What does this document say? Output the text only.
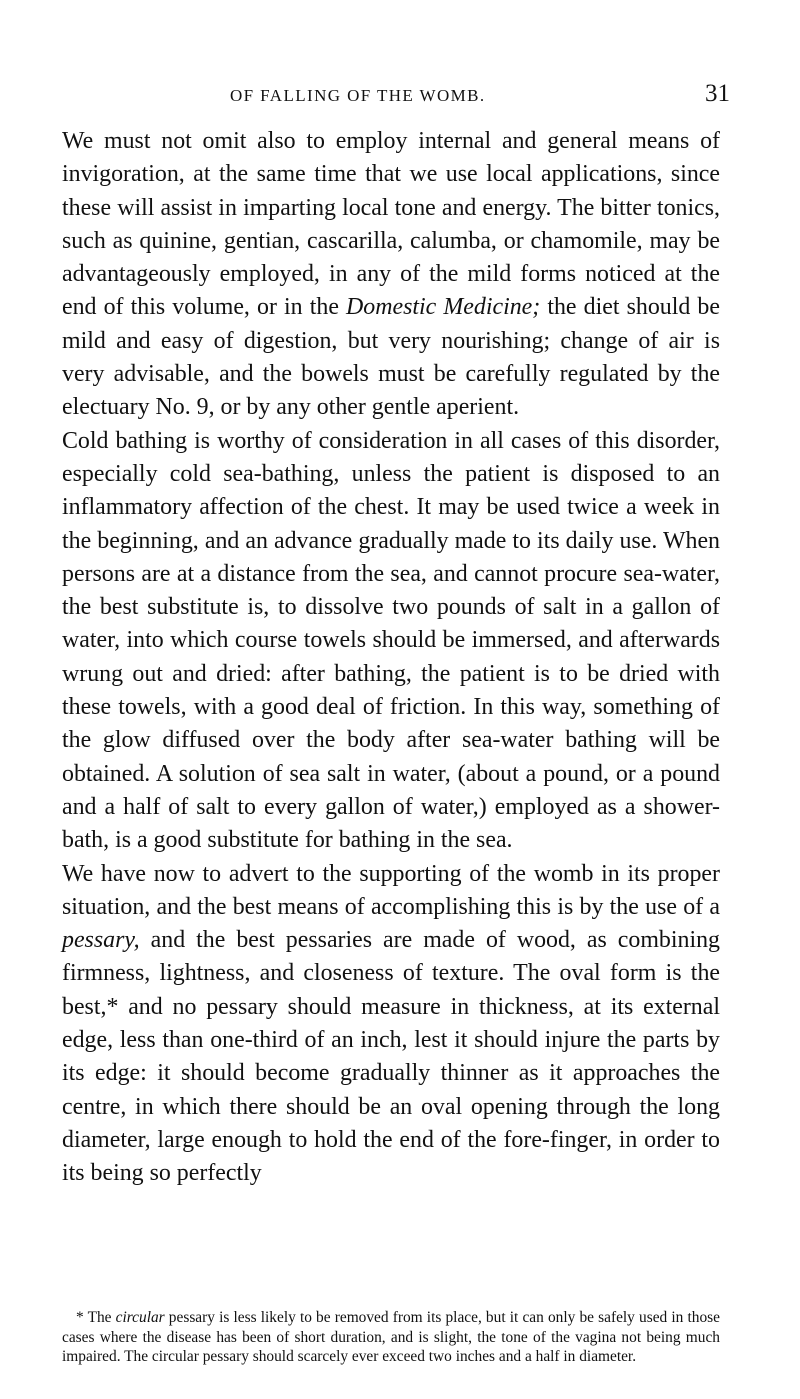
OF FALLING OF THE WOMB.	31

We must not omit also to employ internal and general means of invigoration, at the same time that we use local applications, since these will assist in imparting local tone and energy. The bitter tonics, such as quinine, gentian, cascarilla, calumba, or chamomile, may be advantageously employed, in any of the mild forms noticed at the end of this volume, or in the Domestic Medicine; the diet should be mild and easy of digestion, but very nourishing; change of air is very advisable, and the bowels must be carefully regulated by the electuary No. 9, or by any other gentle aperient.

Cold bathing is worthy of consideration in all cases of this disorder, especially cold sea-bathing, unless the patient is disposed to an inflammatory affection of the chest. It may be used twice a week in the beginning, and an advance gradually made to its daily use. When persons are at a distance from the sea, and cannot procure sea-water, the best substitute is, to dissolve two pounds of salt in a gallon of water, into which course towels should be immersed, and afterwards wrung out and dried: after bathing, the patient is to be dried with these towels, with a good deal of friction. In this way, something of the glow diffused over the body after sea-water bathing will be obtained. A solution of sea salt in water, (about a pound, or a pound and a half of salt to every gallon of water,) employed as a shower-bath, is a good substitute for bathing in the sea.

We have now to advert to the supporting of the womb in its proper situation, and the best means of accomplishing this is by the use of a pessary, and the best pessaries are made of wood, as combining firmness, lightness, and closeness of texture. The oval form is the best,* and no pessary should measure in thickness, at its external edge, less than one-third of an inch, lest it should injure the parts by its edge: it should become gradually thinner as it approaches the centre, in which there should be an oval opening through the long diameter, large enough to hold the end of the fore-finger, in order to its being so perfectly

* The circular pessary is less likely to be removed from its place, but it can only be safely used in those cases where the disease has been of short duration, and is slight, the tone of the vagina not being much impaired. The circular pessary should scarcely ever exceed two inches and a half in diameter.
